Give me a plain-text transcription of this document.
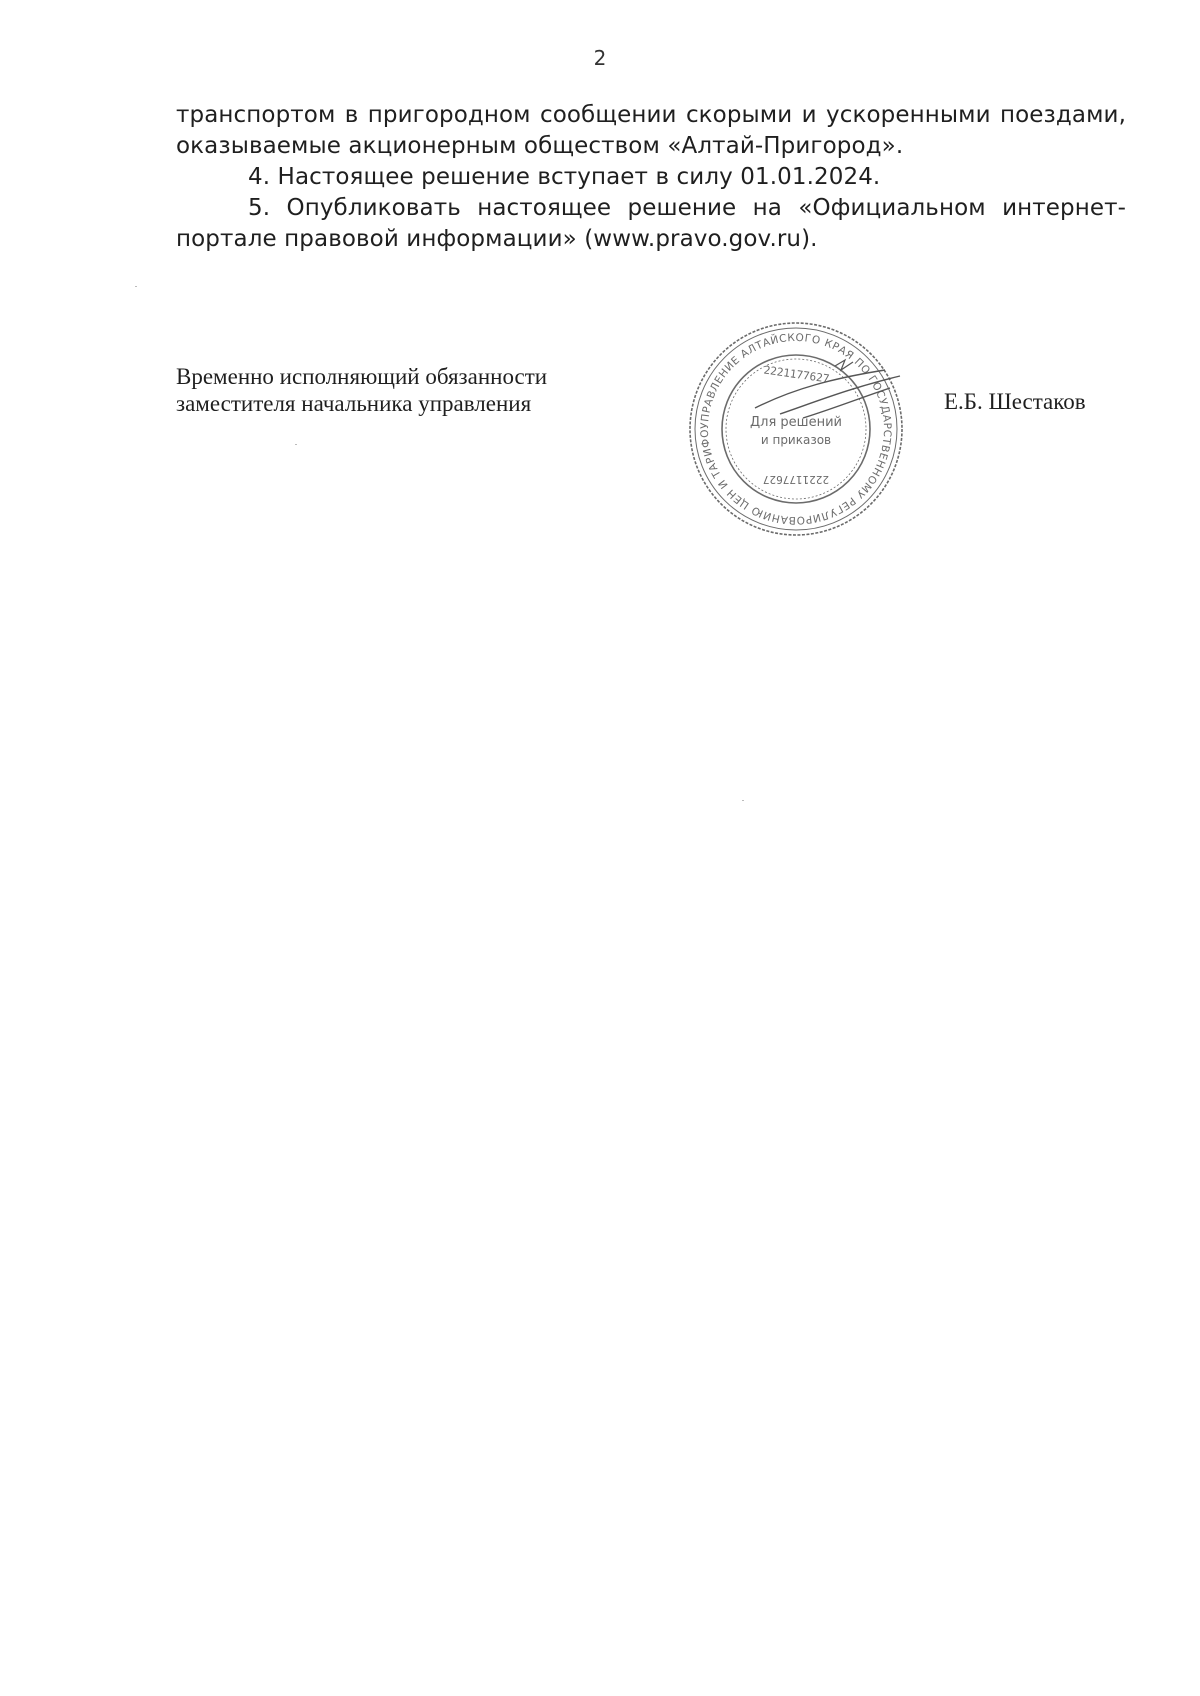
2
транспортом в пригородном сообщении скорыми и ускоренными поездами,
оказываемые акционерным обществом «Алтай-Пригород».
4. Настоящее решение вступает в силу 01.01.2024.
5. Опубликовать настоящее решение на «Официальном интернет-
портале правовой информации» (www.pravo.gov.ru).
Временно исполняющий обязанности
заместителя начальника управления
УПРАВЛЕНИЕ АЛТАЙСКОГО КРАЯ ПО ГОСУДАРСТВЕННОМУ РЕГУЛИРОВАНИЮ ЦЕН И ТАРИФО
Для решений
и приказов
2221177627
2221177627
Е.Б. Шестаков
